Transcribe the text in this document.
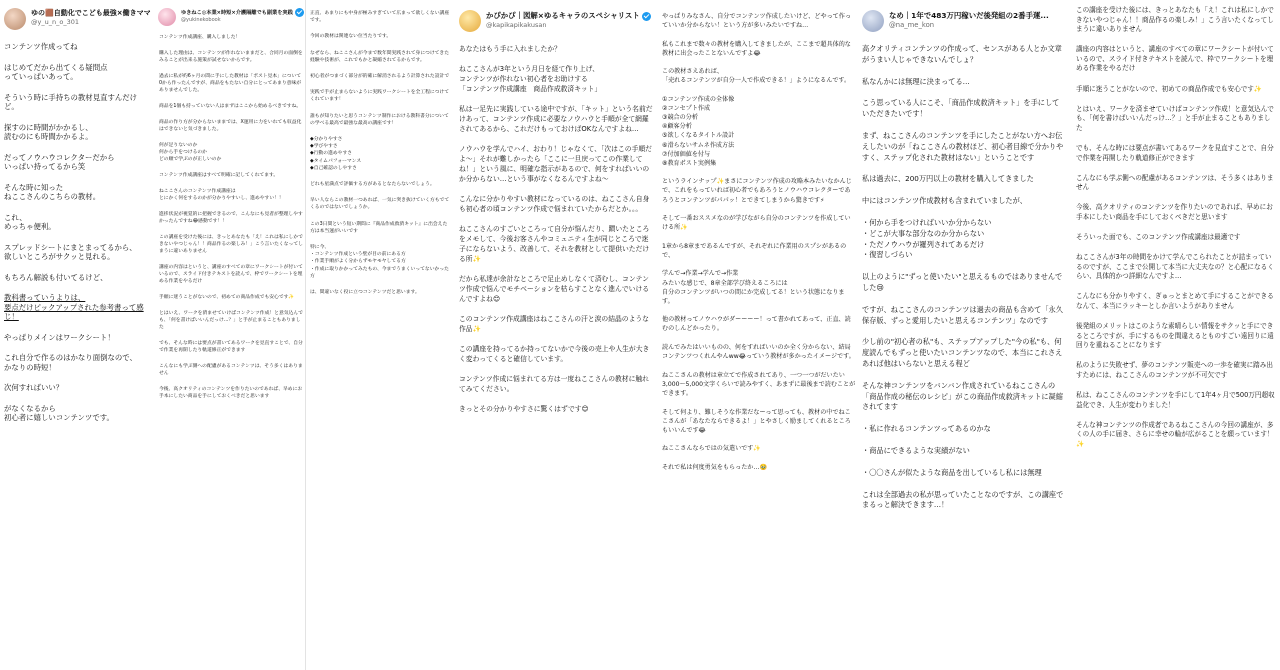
ゆの🟫自動化でこども最強×働きママ
@y_u_n_o_301

コンテンツ作成ってね

はじめてだから出てくる疑問点
っていっぱいあって。

そういう時に手持ちの教材見直すんだけど。

探すのに時間がかかるし、
読むのにも時間かかるよ。

だってノウハウコレクターだから
いっぱい持ってるから笑

そんな時に知った
ねここさんのこちらの教材。

これ、
めっちゃ便利。

スプレッドシートにまとまってるから、
欲しいところがサクッと見れる。

もちろん解説も付いてるけど、

教科書っていうよりは、
要点だけピックアップされた参考書って感じ！

やっぱりメインはワークシート！

これ自分で作るのはかなり面倒なので、
かなりの時短！

次何すればいい？

がなくなるから
初心者に嬉しいコンテンツです。

ゆきねこ◎本業×時短×介護隔離でも副業を実践
@yukinekobook

コンテンツ作成講座、購入しました！

購入した理由は、コンテンツが作れないままだと、合同月の面倒をみることが出来る施策が試せないからです。

過去に私が約6ヶ月の間に手にした教材は「ポスト見本」について0から作ったんですが、商品をもたない自分にとってあまり意味がありませんでした。

商品を1個も持っていない人はまずはここから始めるべきですね。

商品の作り方が分からないままでは、X運用に力をいれても収益化はできないと気づきました。

何が足りないのか
何から手をつけるのか
どの順で学ぶのが正しいのか

コンテンツ作成講座はすべて明確に記してくれてます。

ねここさんのコンテンツ作成講座は
とにかく何をするのかが分かりやすいし、進めやすい！！

進捗状況が視覚的に把握できるので、こんなにも見者が整理しやすかったんですね😂感動です！！

この講座を受けた後には、きっとあなたも「え！これは私にしかできないやつじゃん！！商品作るの楽しみ！」こう言いたくなってしまうに違いありません

講座の内容はというと、講座のすべての章にワークシートが付いているので、スライド付きテキストを読んで、枠でワークシートを埋める作業をやるだけ

手順に迷うことがないので、初めての商品作成でも安心です✨

とはいえ、ワークを済ませていけばコンテンツ作成！と意気込んでも、「何を書けばいいんだっけ…？」と手が止まることもありました

でも、そんな時には要点が書いてあるワークを見直すことで、自分で作業を再開したり軌道修正ができます

こんなにも学ぶ側への配慮があるコンテンツは、そう多くはありません

今後、高クオリティのコンテンツを作りたいのであれば、早めにお手本にしたい商品を手にしておくべきだと思います

正直、あまりにも中身が極みすぎていて広まって欲しくない講座です。

今回の教材は関連ない位当たりです。

なぜなら、ねここさんが今まで数年間実践されて身につけてきた経験や技術が、これでもかと凝縮されてるからです。

初心者がつまづく部分が的確に解消されるよう計算された設計で

実践で手が止まらないように実践ワークシートを全工程につけてくれています！

誰もが知りたいと思うコンテンツ制作における教科書分についての学べる最高で最強な最高の講座です！

◆分かりやすさ
◆学びやすさ
◆行動の進めやすさ
◆タイムパフォーマンス
◆自己確認のしやすさ

どれも星満点で評価する方があるとなたらないでしょう。

早い人ならこの教材一つあれば、一気に突き抜けていく方もでてくるのではないでしょうか。

この3日間という短い期間に『商品作成救済キット』に出会えた方は本当運がいいです

特に今、
・コンテンツ作成という壁が目の前にある方
・作業手順がよく分からずモヤモヤしてる方
・作成に取りかかってみたもの、今までうまくいってないかった方

は、間違いなく役に立つコンテンツだと思います。

かぴかぴ｜図解×ゆるキャラのスペシャリスト
@kapikapikakusan

あなたはもう手に入れましたか？

ねここさんが3年という月日を経て作り上げ、
コンテンツが作れない初心者をお助けする
「コンテンツ作成講座　商品作成救済キット」

私は一足先に実践している途中ですが、「キット」という名前だけあって、コンテンツ作成に必要なノウハウと手順が全て網羅されてあるから、これだけもっておけばOKなんですよね…

ノウハウを学んでハイ、おわり！じゃなくて、「次はこの手順だよ〜」それが難しかったら「ここに一旦戻ってこの作業してね！」という風に、明確な指示があるので、何をすればいいのか分からない…という事がなくなるんですよね〜

こんなに分かりやすい教材になっているのは、ねここさん自身も初心者の頃コンテンツ作成で悩まれていたからだとか。。。

ねここさんのすごいところって自分が悩んだり、躓いたところをメモして、今後お客さんやコミュニティ生が同じところで迷子にならないよう、改善して、それを教材として提供いただける所✨

だから私達が余計なところで足止めしなくて済むし、コンテンツ作成で悩んでモチベーションを枯らすことなく進んでいけるんですよね😊

このコンテンツ作成講座はねここさんの汗と涙の結晶のような作品✨

この講座を持ってるか持ってないかで今後の売上や人生が大きく変わってくると確信しています。

コンテンツ作成に悩まれてる方は一度ねここさんの教材に触れてみてください。

きっとその分かりやすさに驚くはずです😊

やっぱりみなさん、自分でコンテンツ作成したいけど、どやって作っていいか分からない！という方が多いみたいですね…

私もこれまで数々の教材を購入してきましたが、ここまで超具体的な教材に出会ったことないんですよ😂

この教材さえあれば、
「売れるコンテンツが自分一人で作成できる！」ようになるんです。

①コンテンツ作成の全体像
②コンセプト作成
③競合の分析
④顧客分析
⑤欲しくなるタイトル設計
⑥滑らないサムネ作成方法
⑦付加価値を付与
⑧教育ポスト実例集

というラインナップ✨まさにコンテンツ作成の攻略本みたいなかんじで、これをもっていれば初心者でもあろうとノウハウコレクターであろうとコンテンツがパパッ！とできてしまうから驚きです⚡

そして一番おススメなのが学びながら自分のコンテンツを作成していける所✨

1章から8章まであるんですが、それぞれに作業用のスプシがあるので、

学んで→作業→学んで→作業
みたいな感じで、8章全部学び終えるころには
自分のコンテンツがいつの間にか完成してる！という状態になります。

他の教材ってノウハウがダーーーー！って書かれてあって、正直、読むのしんどかったり。

読んでみたはいいものの、何をすればいいのか全く分からない、結局コンテンツつくれんやんww😂っていう教材が多かったイメージです。

ねここさんの教材は章立てで作成されてあり、一つ一つがだいたい3,000〜5,000文字くらいで読みやすく、あまずに最後まで読むことができます。

そして何より、難しそうな作業だなーって思っても、教材の中でねここさんが「あなたならできるよ！」とやさしく励ましてくれるところもいいんです😂

ねここさんならではの気遣いです✨

それで私は何度勇気をもらったか…🥹

なめ｜1年で483万円稼いだ後発組の2番手運...
@na_me_kon

高クオリティコンテンツの作成って、センスがある人とか文章がうまい人じゃできないんでしょ？

私なんかには無理に決まってる…

こう思っている人にこそ、「商品作成救済キット」を手にしていただきたいです！

まず、ねここさんのコンテンツを手にしたことがない方へお伝えしたいのが「ねここさんの教材ほど、初心者目線で分かりやすく、ステップ化された教材はない」ということです

私は過去に、200万円以上の教材を購入してきました

中にはコンテンツ作成教材も含まれていましたが、

・何から手をつければいいか分からない
・どこが大事な部分なのか分からない
・ただノウハウが羅列されてあるだけ
・復習しづらい

以上のように"ずっと使いたい"と思えるものではありませんでした😢

ですが、ねここさんのコンテンツは過去の商品も含めて「永久保存版、ずっと愛用したいと思えるコンテンツ」なのです

少し前の"初心者の私"も、ステップアップした"今の私"も、何度読んでもずっと使いたいコンテンツなので、本当にこれさえあれば他はいらないと思える程ど

そんな神コンテンツをバンバン作成されているねここさんの「商品作成の秘伝のレシピ」がこの商品作成救済キットに凝縮されてます

・私に作れるコンテンツってあるのかな

・商品にできるような実績がない

・〇〇さんが似たような商品を出しているし私には無理

これは全部過去の私が思っていたことなのですが、この講座でまるっと解決できます…！

この講座を受けた後には、きっとあなたも「え！これは私にしかできないやつじゃん！！商品作るの楽しみ！」こう言いたくなってしまうに違いありません

講座の内容はというと、講座のすべての章にワークシートが付いているので、スライド付きテキストを読んで、枠でワークシートを埋める作業をやるだけ

手順に迷うことがないので、初めての商品作成でも安心です✨

とはいえ、ワークを済ませていけばコンテンツ作成！と意気込んでも、「何を書けばいいんだっけ…？」と手が止まることもありました

でも、そんな時には要点が書いてあるワークを見直すことで、自分で作業を再開したり軌道修正ができます

こんなにも学ぶ側への配慮があるコンテンツは、そう多くはありません

今後、高クオリティのコンテンツを作りたいのであれば、早めにお手本にしたい商品を手にしておくべきだと思います

そういった面でも、このコンテンツ作成講座は最適です

ねここさんが3年の時間をかけて学んでこられたことが詰まっているのですが、ここまで公開して本当に大丈夫なの？と心配になるくらい、具体的かつ詳細なんですよ…

こんなにも分かりやすく、ぎゅっとまとめて手にすることができるなんて、本当にラッキーとしか言いようがありません

後発組のメリットはこのような素晴らしい情報をサクッと手にできるところですが、手にするものを間違えるとものすごい遠回りに遠回りを重ねることになります

私のように失敗せず、夢のコンテンツ販売への一歩を確実に踏み出すためには、ねここさんのコンテンツが不可欠です

私は、ねここさんのコンテンツを手にして1年4ヶ月で500万円超収益化でき、人生が変わりました！

そんな神コンテンツの作成者であるねここさんの今回の講座が、多くの人の手に届き、さらに幸せの輪が広がることを願っています！✨
